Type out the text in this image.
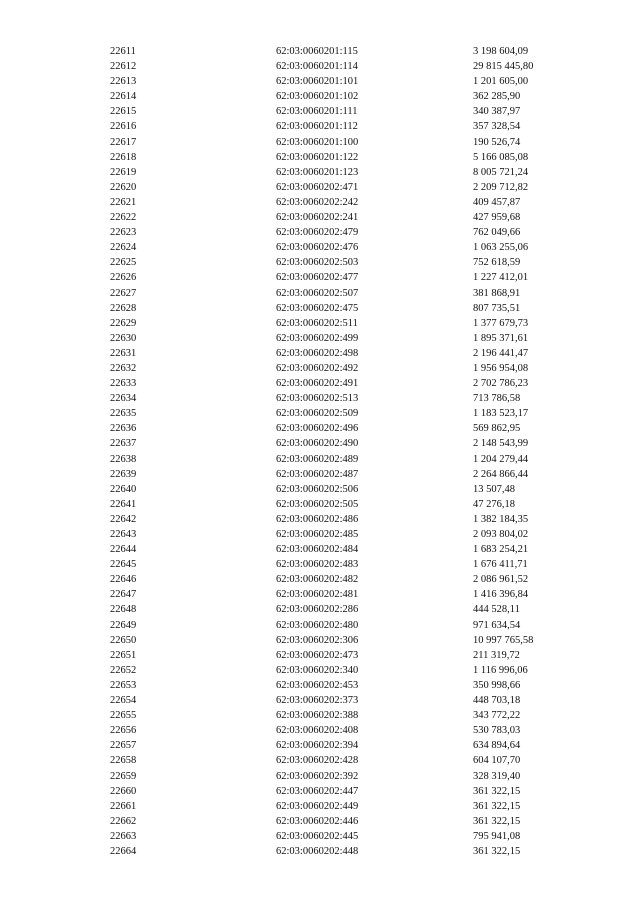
22611	62:03:0060201:115	3 198 604,09
22612	62:03:0060201:114	29 815 445,80
22613	62:03:0060201:101	1 201 605,00
22614	62:03:0060201:102	362 285,90
22615	62:03:0060201:111	340 387,97
22616	62:03:0060201:112	357 328,54
22617	62:03:0060201:100	190 526,74
22618	62:03:0060201:122	5 166 085,08
22619	62:03:0060201:123	8 005 721,24
22620	62:03:0060202:471	2 209 712,82
22621	62:03:0060202:242	409 457,87
22622	62:03:0060202:241	427 959,68
22623	62:03:0060202:479	762 049,66
22624	62:03:0060202:476	1 063 255,06
22625	62:03:0060202:503	752 618,59
22626	62:03:0060202:477	1 227 412,01
22627	62:03:0060202:507	381 868,91
22628	62:03:0060202:475	807 735,51
22629	62:03:0060202:511	1 377 679,73
22630	62:03:0060202:499	1 895 371,61
22631	62:03:0060202:498	2 196 441,47
22632	62:03:0060202:492	1 956 954,08
22633	62:03:0060202:491	2 702 786,23
22634	62:03:0060202:513	713 786,58
22635	62:03:0060202:509	1 183 523,17
22636	62:03:0060202:496	569 862,95
22637	62:03:0060202:490	2 148 543,99
22638	62:03:0060202:489	1 204 279,44
22639	62:03:0060202:487	2 264 866,44
22640	62:03:0060202:506	13 507,48
22641	62:03:0060202:505	47 276,18
22642	62:03:0060202:486	1 382 184,35
22643	62:03:0060202:485	2 093 804,02
22644	62:03:0060202:484	1 683 254,21
22645	62:03:0060202:483	1 676 411,71
22646	62:03:0060202:482	2 086 961,52
22647	62:03:0060202:481	1 416 396,84
22648	62:03:0060202:286	444 528,11
22649	62:03:0060202:480	971 634,54
22650	62:03:0060202:306	10 997 765,58
22651	62:03:0060202:473	211 319,72
22652	62:03:0060202:340	1 116 996,06
22653	62:03:0060202:453	350 998,66
22654	62:03:0060202:373	448 703,18
22655	62:03:0060202:388	343 772,22
22656	62:03:0060202:408	530 783,03
22657	62:03:0060202:394	634 894,64
22658	62:03:0060202:428	604 107,70
22659	62:03:0060202:392	328 319,40
22660	62:03:0060202:447	361 322,15
22661	62:03:0060202:449	361 322,15
22662	62:03:0060202:446	361 322,15
22663	62:03:0060202:445	795 941,08
22664	62:03:0060202:448	361 322,15
